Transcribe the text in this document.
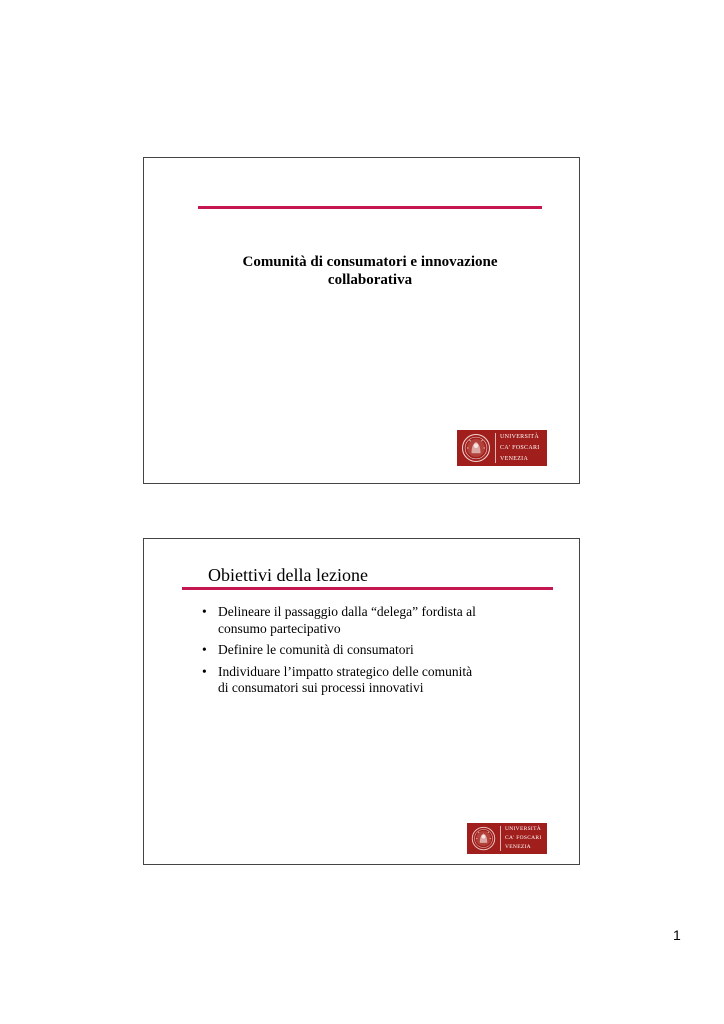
Comunità di consumatori e innovazione
collaborativa
UNIVERSITÀ
CA' FOSCARI
VENEZIA
Obiettivi della lezione
• Delineare il passaggio dalla “delega” fordista al
consumo partecipativo
• Definire le comunità di consumatori
• Individuare l’impatto strategico delle comunità
di consumatori sui processi innovativi
UNIVERSITÀ
CA' FOSCARI
VENEZIA
1
